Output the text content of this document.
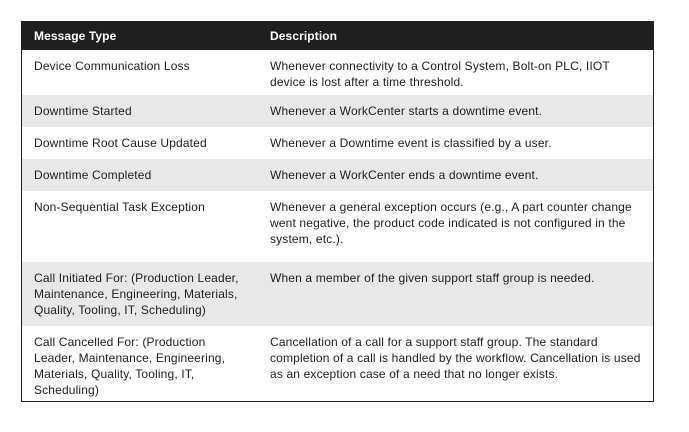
Message Type	Description
Device Communication Loss	Whenever connectivity to a Control System, Bolt-on PLC, IIOT device is lost after a time threshold.
Downtime Started	Whenever a WorkCenter starts a downtime event.
Downtime Root Cause Updated	Whenever a Downtime event is classified by a user.
Downtime Completed	Whenever a WorkCenter ends a downtime event.
Non-Sequential Task Exception	Whenever a general exception occurs (e.g., A part counter change went negative, the product code indicated is not configured in the system, etc.).
Call Initiated For: (Production Leader, Maintenance, Engineering, Materials, Quality, Tooling, IT, Scheduling)	When a member of the given support staff group is needed.
Call Cancelled For: (Production Leader, Maintenance, Engineering, Materials, Quality, Tooling, IT, Scheduling)	Cancellation of a call for a support staff group. The standard completion of a call is handled by the workflow. Cancellation is used as an exception case of a need that no longer exists.
